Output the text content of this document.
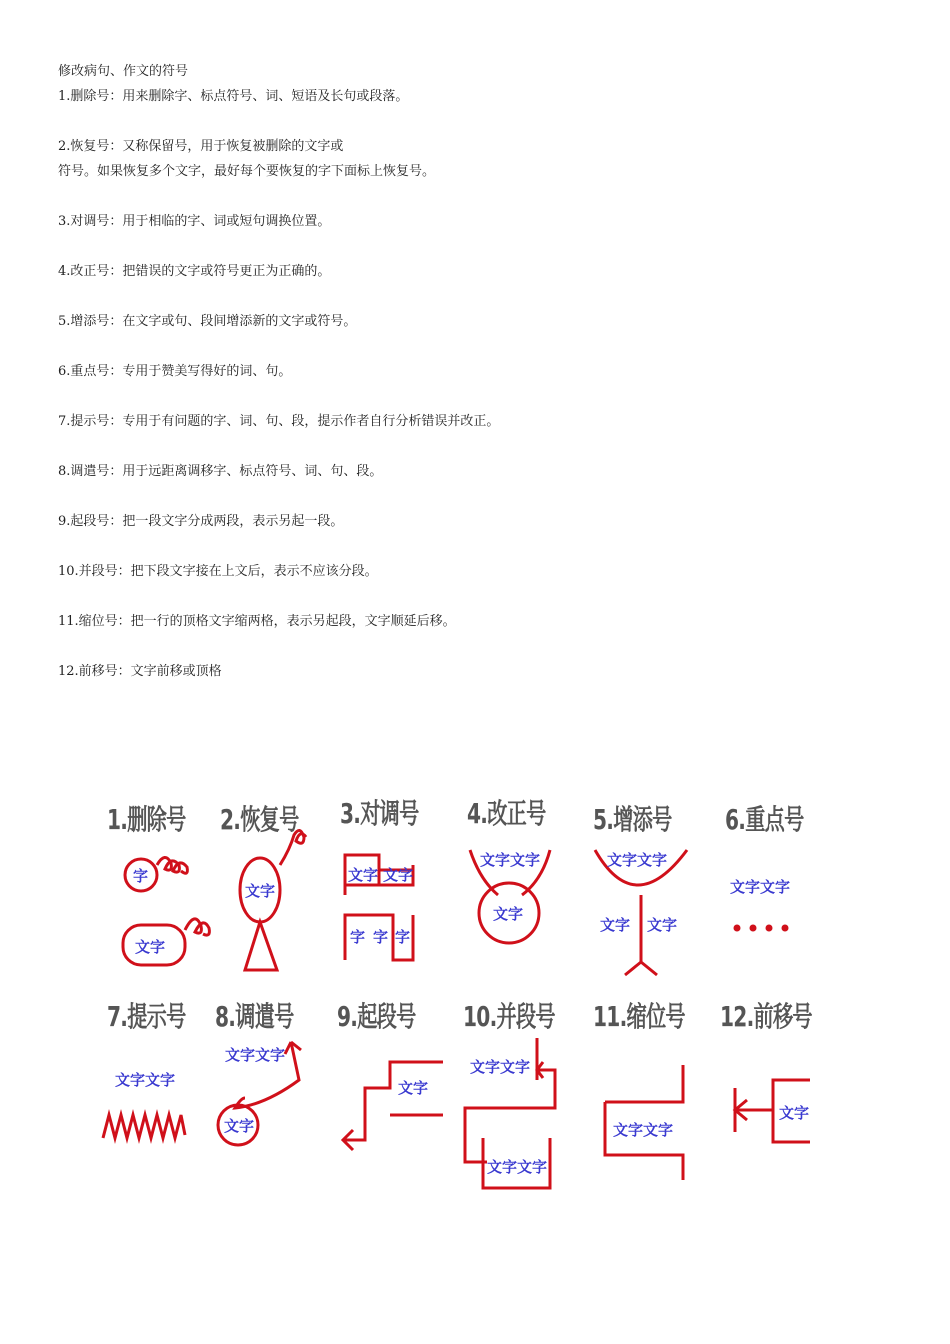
修改病句、作文的符号
1.删除号：用来删除字、标点符号、词、短语及长句或段落。
2.恢复号：又称保留号，用于恢复被删除的文字或
符号。如果恢复多个文字，最好每个要恢复的字下面标上恢复号。
3.对调号：用于相临的字、词或短句调换位置。
4.改正号：把错误的文字或符号更正为正确的。
5.增添号：在文字或句、段间增添新的文字或符号。
6.重点号：专用于赞美写得好的词、句。
7.提示号：专用于有问题的字、词、句、段，提示作者自行分析错误并改正。
8.调遣号：用于远距离调移字、标点符号、词、句、段。
9.起段号：把一段文字分成两段，表示另起一段。
10.并段号：把下段文字接在上文后，表示不应该分段。
11.缩位号：把一行的顶格文字缩两格，表示另起段，文字顺延后移。
12.前移号：文字前移或顶格
1.删除号 2.恢复号 3.对调号 4.改正号 5.增添号 6.重点号
7.提示号 8.调遣号 9.起段号 10.并段号 11.缩位号 12.前移号
字
文字
文字
文字 文字
字 字 字
文字文字
文字
文字文字
文字 文字
文字文字
文字文字
文字文字
文字
文字
文字文字
文字文字
文字文字
文字
